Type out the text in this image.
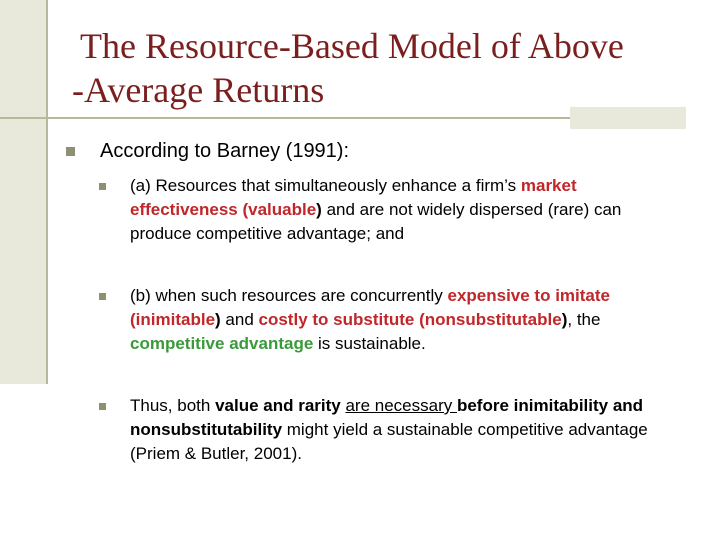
The Resource-Based Model of Above
-Average Returns
According to Barney (1991):
(a) Resources that simultaneously enhance a firm’s market effectiveness (valuable) and are not widely dispersed (rare) can produce competitive advantage; and
(b) when such resources are concurrently expensive to imitate (inimitable) and costly to substitute (nonsubstitutable), the competitive advantage is sustainable.
Thus, both value and rarity are necessary before inimitability and nonsubstitutability might yield a sustainable competitive advantage (Priem & Butler, 2001).
